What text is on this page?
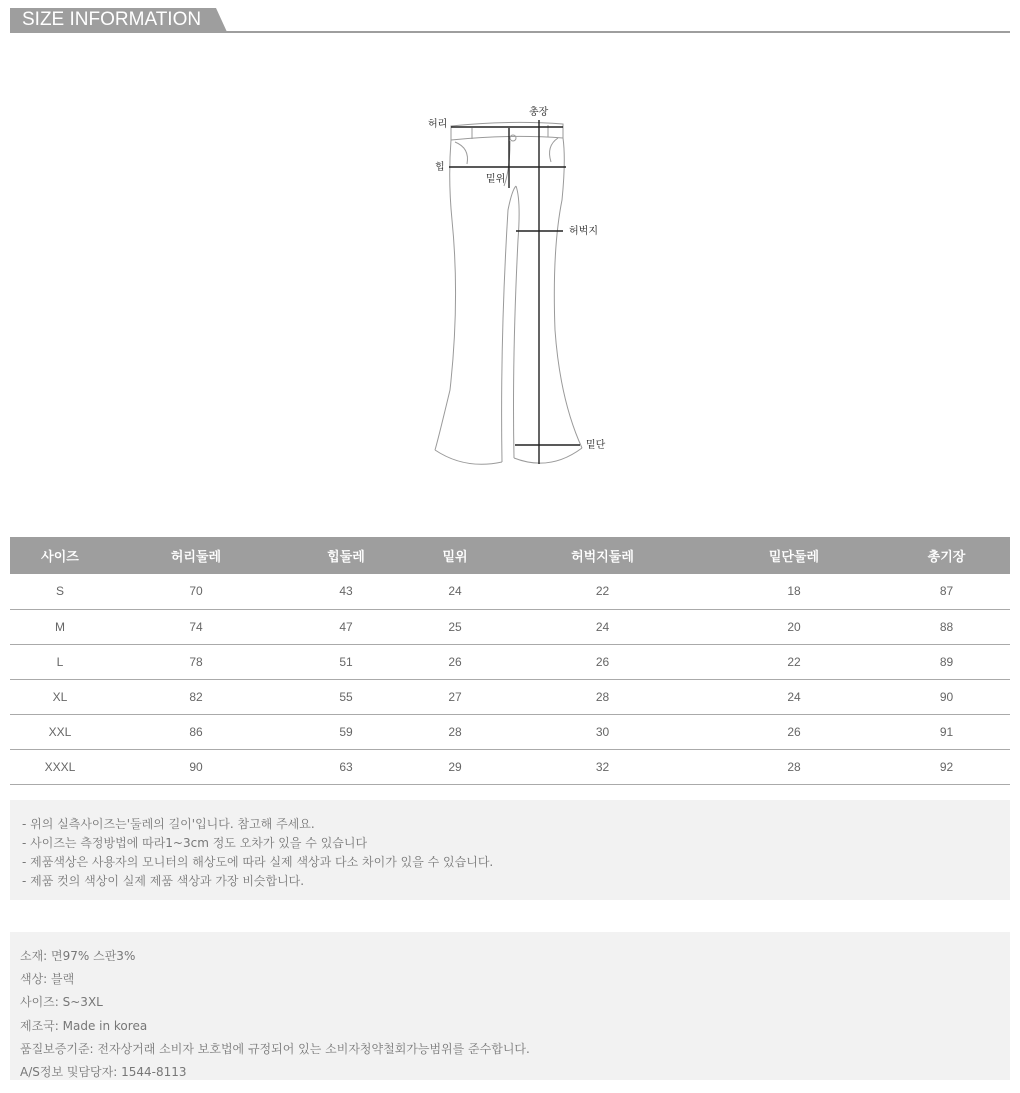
SIZE INFORMATION
허리
총장
힙
밑위
허벅지
밑단
사이즈	허리둘레	힙둘레	밑위	허벅지둘레	밑단둘레	총기장
S	70	43	24	22	18	87
M	74	47	25	24	20	88
L	78	51	26	26	22	89
XL	82	55	27	28	24	90
XXL	86	59	28	30	26	91
XXXL	90	63	29	32	28	92
- 위의 실측사이즈는'둘레의 길이'입니다. 참고해 주세요.
- 사이즈는 측정방법에 따라1~3cm 정도 오차가 있을 수 있습니다
- 제품색상은 사용자의 모니터의 해상도에 따라 실제 색상과 다소 차이가 있을 수 있습니다.
- 제품 컷의 색상이 실제 제품 색상과 가장 비슷합니다.
소재: 면97% 스판3%
색상: 블랙
사이즈: S~3XL
제조국: Made in korea
품질보증기준: 전자상거래 소비자 보호법에 규정되어 있는 소비자청약철회가능범위를 준수합니다.
A/S정보 및담당자: 1544-8113
